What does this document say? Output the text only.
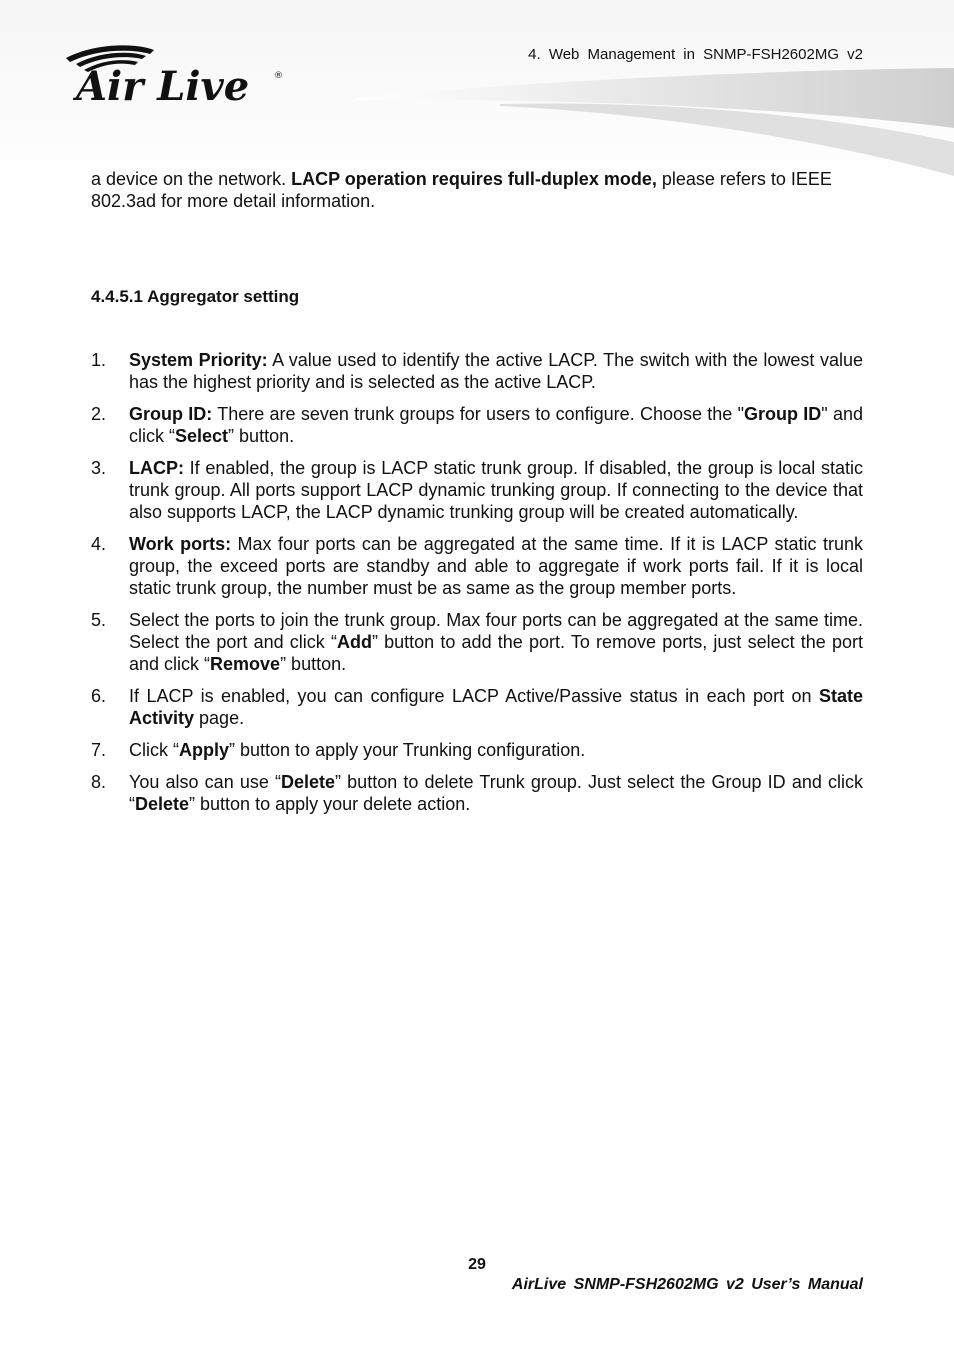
Air Live	®
4. Web Management in SNMP-FSH2602MG v2

a device on the network. LACP operation requires full-duplex mode, please refers to IEEE 802.3ad for more detail information.

4.4.5.1 Aggregator setting
1.	System Priority: A value used to identify the active LACP. The switch with the lowest value has the highest priority and is selected as the active LACP.
2.	Group ID: There are seven trunk groups for users to configure. Choose the "Group ID" and click “Select” button.
3.	LACP: If enabled, the group is LACP static trunk group. If disabled, the group is local static trunk group. All ports support LACP dynamic trunking group. If connecting to the device that also supports LACP, the LACP dynamic trunking group will be created automatically.
4.	Work ports: Max four ports can be aggregated at the same time. If it is LACP static trunk group, the exceed ports are standby and able to aggregate if work ports fail. If it is local static trunk group, the number must be as same as the group member ports.
5.	Select the ports to join the trunk group. Max four ports can be aggregated at the same time. Select the port and click “Add” button to add the port. To remove ports, just select the port and click “Remove” button.
6.	If LACP is enabled, you can configure LACP Active/Passive status in each port on State Activity page.
7.	Click “Apply” button to apply your Trunking configuration.
8.	You also can use “Delete” button to delete Trunk group. Just select the Group ID and click “Delete” button to apply your delete action.
29
AirLive SNMP-FSH2602MG v2 User’s Manual
